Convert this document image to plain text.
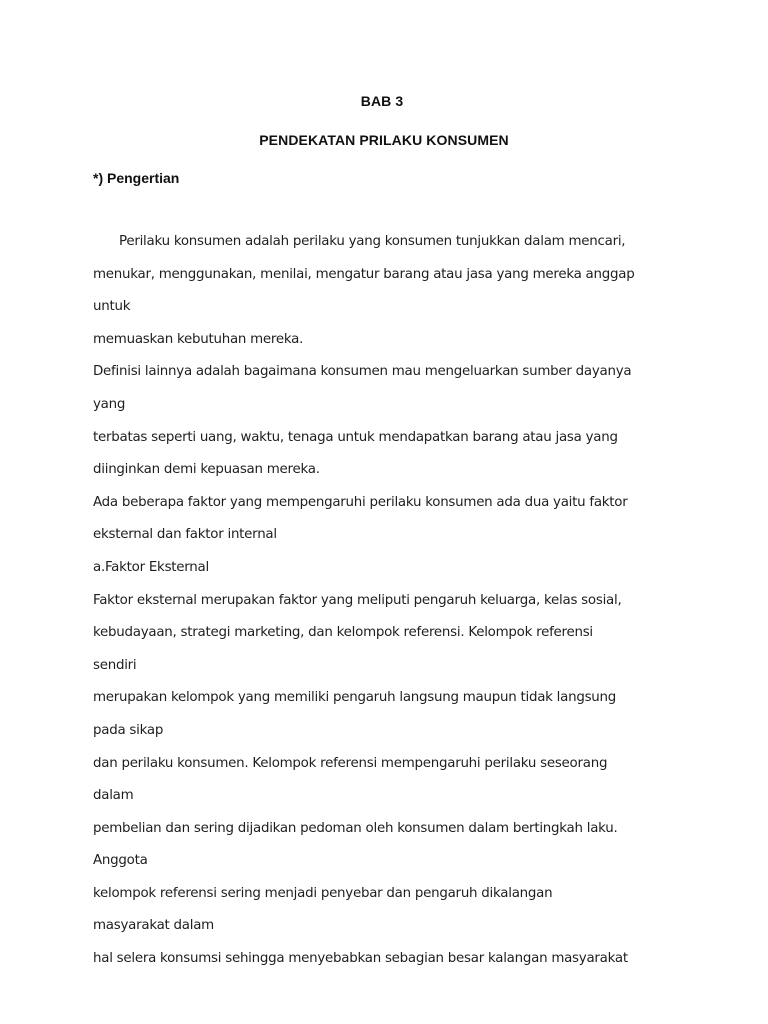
BAB 3
PENDEKATAN PRILAKU KONSUMEN
*) Pengertian
Perilaku konsumen adalah perilaku yang konsumen tunjukkan dalam mencari,
menukar, menggunakan, menilai, mengatur barang atau jasa yang mereka anggap
untuk
memuaskan kebutuhan mereka.
Definisi lainnya adalah bagaimana konsumen mau mengeluarkan sumber dayanya
yang
terbatas seperti uang, waktu, tenaga untuk mendapatkan barang atau jasa yang
diinginkan demi kepuasan mereka.
Ada beberapa faktor yang mempengaruhi perilaku konsumen ada dua yaitu faktor
eksternal dan faktor internal
a.Faktor Eksternal
Faktor eksternal merupakan faktor yang meliputi pengaruh keluarga, kelas sosial,
kebudayaan, strategi marketing, dan kelompok referensi. Kelompok referensi
sendiri
merupakan kelompok yang memiliki pengaruh langsung maupun tidak langsung
pada sikap
dan perilaku konsumen. Kelompok referensi mempengaruhi perilaku seseorang
dalam
pembelian dan sering dijadikan pedoman oleh konsumen dalam bertingkah laku.
Anggota
kelompok referensi sering menjadi penyebar dan pengaruh dikalangan
masyarakat dalam
hal selera konsumsi sehingga menyebabkan sebagian besar kalangan masyarakat
